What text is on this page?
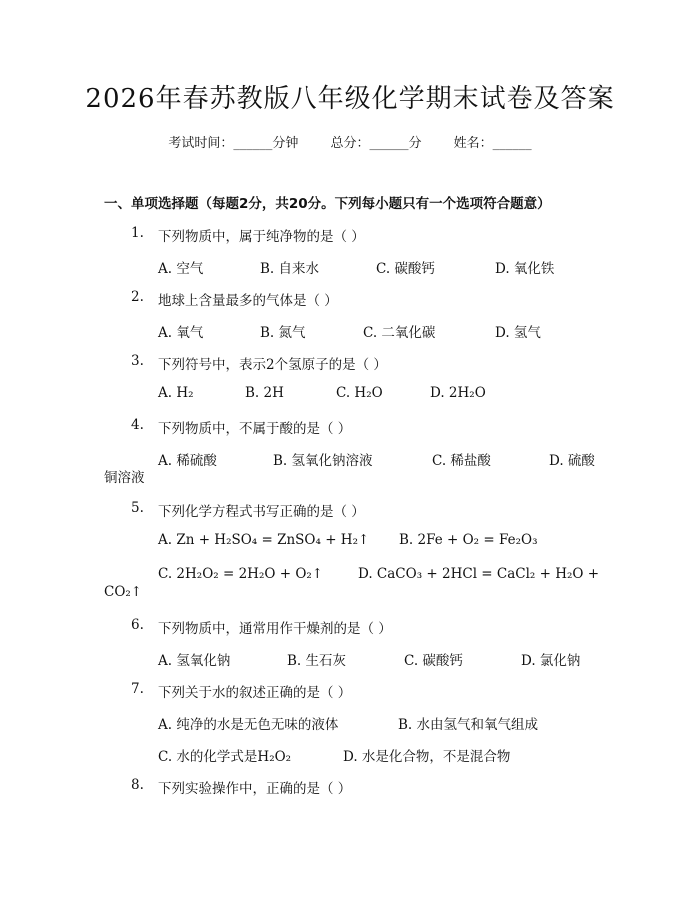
2026年春苏教版八年级化学期末试卷及答案
考试时间：______分钟 总分：______分 姓名：______
一、单项选择题（每题2分，共20分。下列每小题只有一个选项符合题意）
1. 下列物质中，属于纯净物的是（ ）
A. 空气	B. 自来水	C. 碳酸钙	D. 氧化铁
2. 地球上含量最多的气体是（ ）
A. 氧气	B. 氮气	C. 二氧化碳	D. 氢气
3. 下列符号中，表示2个氢原子的是（ ）
A. H₂	B. 2H	C. H₂O	D. 2H₂O
4. 下列物质中，不属于酸的是（ ）
A. 稀硫酸	B. 氢氧化钠溶液	C. 稀盐酸	D. 硫酸
铜溶液
5. 下列化学方程式书写正确的是（ ）
A. Zn + H₂SO₄ = ZnSO₄ + H₂↑ B. 2Fe + O₂ = Fe₂O₃
C. 2H₂O₂ = 2H₂O + O₂↑	D. CaCO₃ + 2HCl = CaCl₂ + H₂O +
CO₂↑
6. 下列物质中，通常用作干燥剂的是（ ）
A. 氢氧化钠	B. 生石灰	C. 碳酸钙	D. 氯化钠
7. 下列关于水的叙述正确的是（ ）
A. 纯净的水是无色无味的液体	B. 水由氢气和氧气组成
C. 水的化学式是H₂O₂	D. 水是化合物，不是混合物
8. 下列实验操作中，正确的是（ ）
